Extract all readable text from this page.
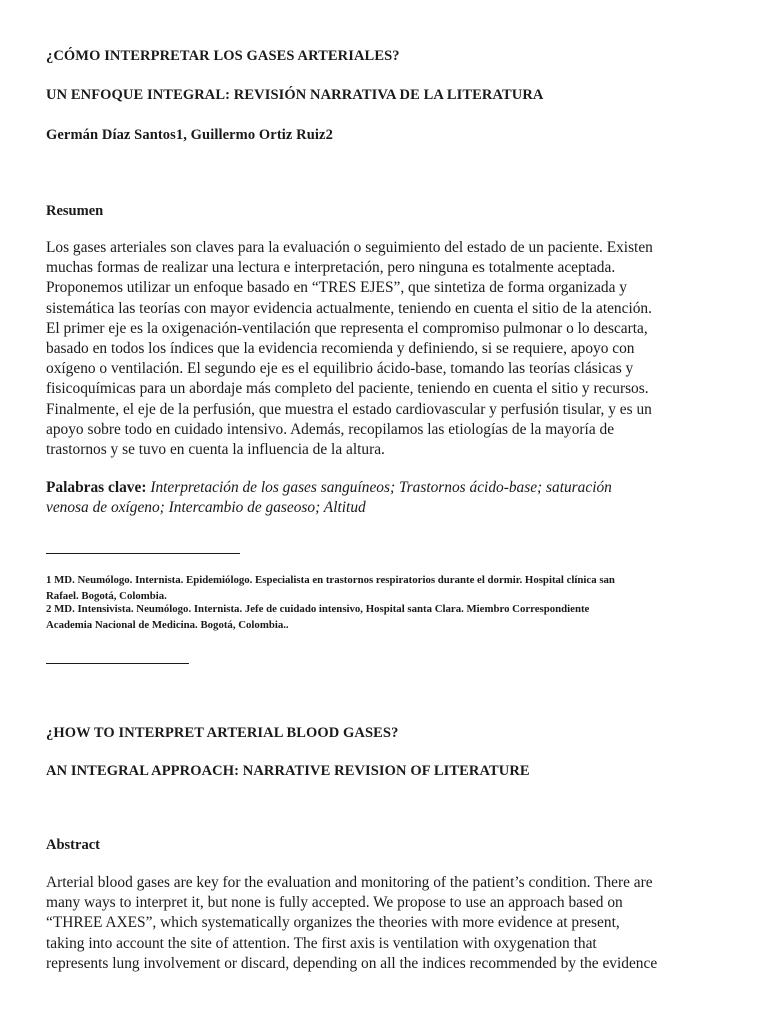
¿CÓMO INTERPRETAR LOS GASES ARTERIALES?
UN ENFOQUE INTEGRAL: REVISIÓN NARRATIVA DE LA LITERATURA
Germán Díaz Santos1, Guillermo Ortiz Ruiz2
Resumen
Los gases arteriales son claves para la evaluación o seguimiento del estado de un paciente. Existen
muchas formas de realizar una lectura e interpretación, pero ninguna es totalmente aceptada.
Proponemos utilizar un enfoque basado en “TRES EJES”, que sintetiza de forma organizada y
sistemática las teorías con mayor evidencia actualmente, teniendo en cuenta el sitio de la atención.
El primer eje es la oxigenación-ventilación que representa el compromiso pulmonar o lo descarta,
basado en todos los índices que la evidencia recomienda y definiendo, si se requiere, apoyo con
oxígeno o ventilación. El segundo eje es el equilibrio ácido-base, tomando las teorías clásicas y
fisicoquímicas para un abordaje más completo del paciente, teniendo en cuenta el sitio y recursos.
Finalmente, el eje de la perfusión, que muestra el estado cardiovascular y perfusión tisular, y es un
apoyo sobre todo en cuidado intensivo. Además, recopilamos las etiologías de la mayoría de
trastornos y se tuvo en cuenta la influencia de la altura.
Palabras clave: Interpretación de los gases sanguíneos; Trastornos ácido-base; saturación
venosa de oxígeno; Intercambio de gaseoso; Altitud
1 MD. Neumólogo. Internista. Epidemiólogo. Especialista en trastornos respiratorios durante el dormir. Hospital clínica san
Rafael. Bogotá, Colombia.
2 MD. Intensivista. Neumólogo. Internista. Jefe de cuidado intensivo, Hospital santa Clara. Miembro Correspondiente
Academia Nacional de Medicina. Bogotá, Colombia..
¿HOW TO INTERPRET ARTERIAL BLOOD GASES?
AN INTEGRAL APPROACH: NARRATIVE REVISION OF LITERATURE
Abstract
Arterial blood gases are key for the evaluation and monitoring of the patient’s condition. There are
many ways to interpret it, but none is fully accepted. We propose to use an approach based on
“THREE AXES”, which systematically organizes the theories with more evidence at present,
taking into account the site of attention. The first axis is ventilation with oxygenation that
represents lung involvement or discard, depending on all the indices recommended by the evidence
